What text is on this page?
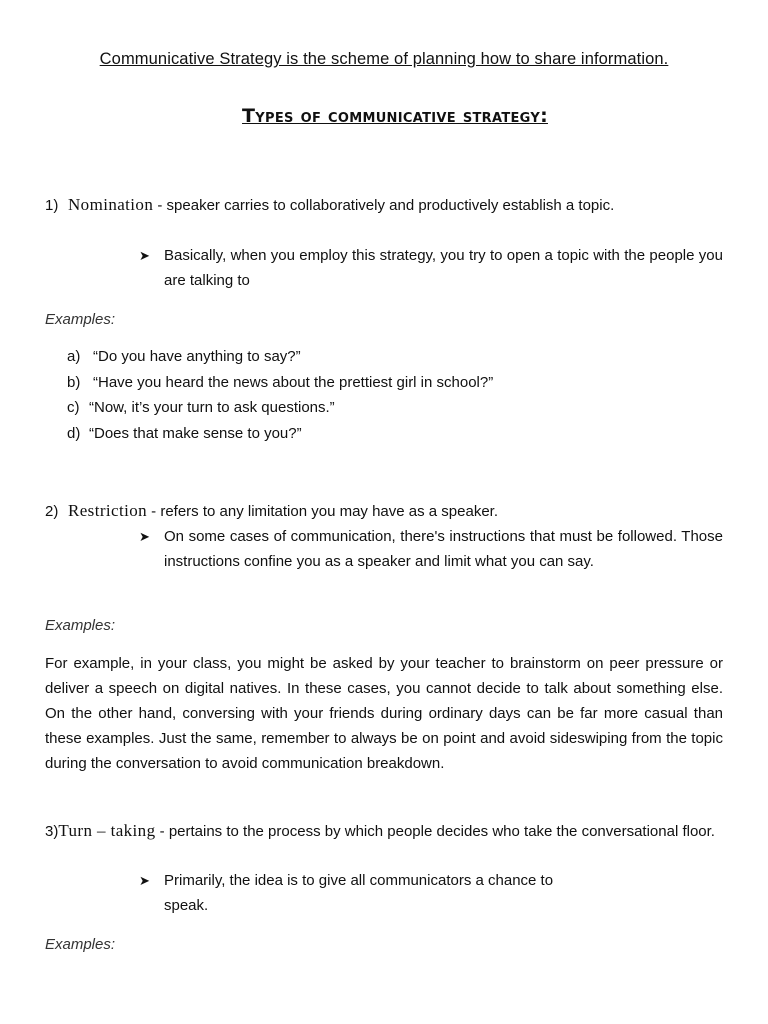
Communicative Strategy is the scheme of planning how to share information.
Types of communicative strategy:
1) Nomination - speaker carries to collaboratively and productively establish a topic.
➤ Basically, when you employ this strategy, you try to open a topic with the people you are talking to
Examples:
a) “Do you have anything to say?”
b) “Have you heard the news about the prettiest girl in school?”
c) “Now, it’s your turn to ask questions.”
d) “Does that make sense to you?”
2) Restriction - refers to any limitation you may have as a speaker.
➤ On some cases of communication, there's instructions that must be followed. Those instructions confine you as a speaker and limit what you can say.
Examples:
For example, in your class, you might be asked by your teacher to brainstorm on peer pressure or deliver a speech on digital natives. In these cases, you cannot decide to talk about something else. On the other hand, conversing with your friends during ordinary days can be far more casual than these examples. Just the same, remember to always be on point and avoid sideswiping from the topic during the conversation to avoid communication breakdown.
3)Turn – taking - pertains to the process by which people decides who take the conversational floor.
➤ Primarily, the idea is to give all communicators a chance to
speak.
Examples:
